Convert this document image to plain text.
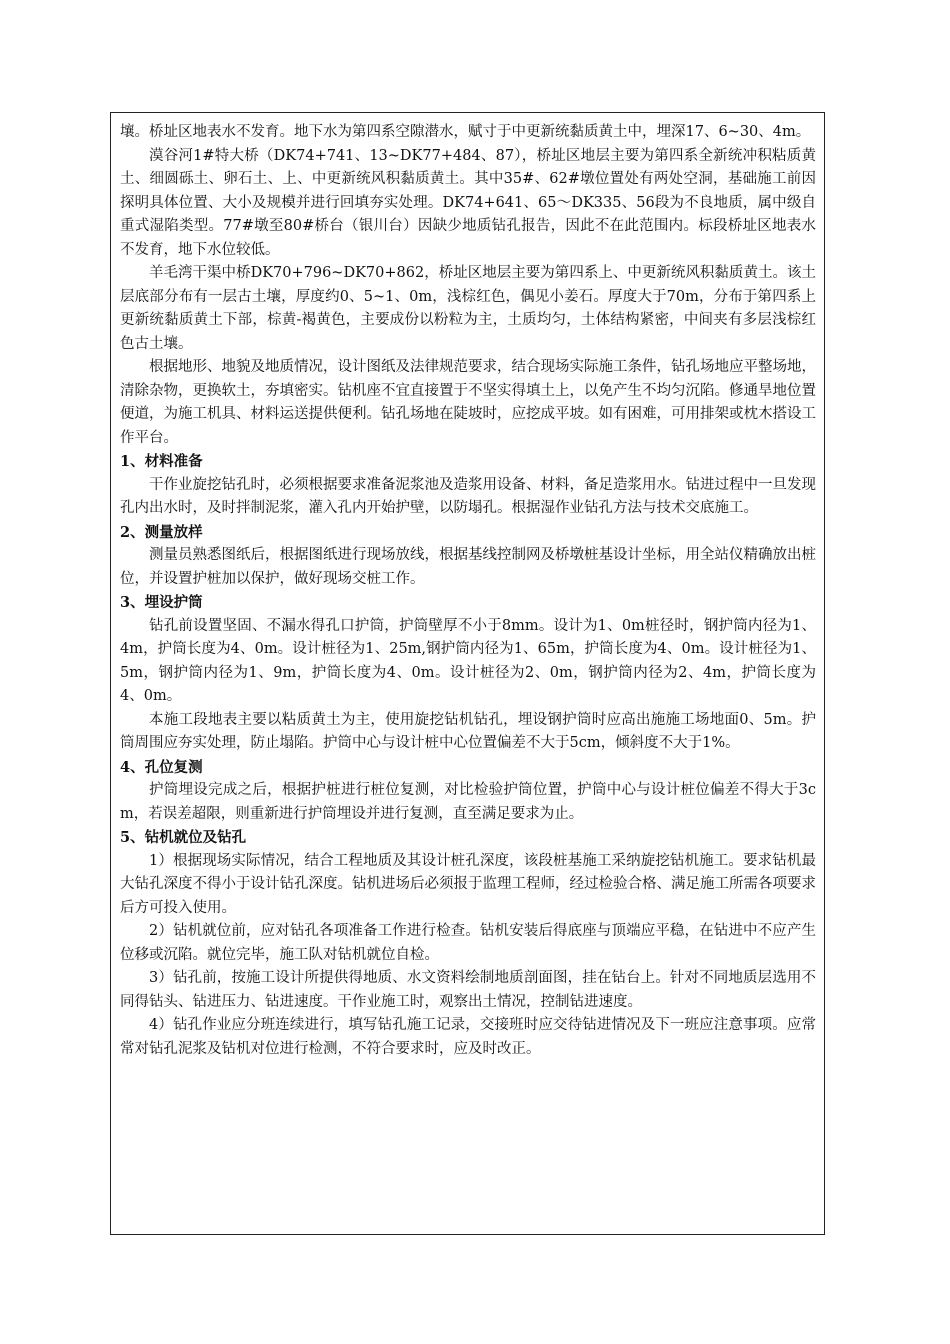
壤。桥址区地表水不发育。地下水为第四系空隙潜水，赋寸于中更新统黏质黄土中，埋深17、6~30、4m。

漠谷河1#特大桥（DK74+741、13~DK77+484、87），桥址区地层主要为第四系全新统冲积粘质黄土、细圆砾土、卵石土、上、中更新统风积黏质黄土。其中35#、62#墩位置处有两处空洞，基础施工前因探明具体位置、大小及规模并进行回填夯实处理。DK74+641、65～DK335、56段为不良地质，属中级自重式湿陷类型。77#墩至80#桥台（银川台）因缺少地质钻孔报告，因此不在此范围内。标段桥址区地表水不发育，地下水位较低。

羊毛湾干渠中桥DK70+796~DK70+862，桥址区地层主要为第四系上、中更新统风积黏质黄土。该土层底部分布有一层古土壤，厚度约0、5~1、0m，浅棕红色，偶见小姜石。厚度大于70m，分布于第四系上更新统黏质黄土下部，棕黄-褐黄色，主要成份以粉粒为主，土质均匀，土体结构紧密，中间夹有多层浅棕红色古土壤。

根据地形、地貌及地质情况，设计图纸及法律规范要求，结合现场实际施工条件，钻孔场地应平整场地，清除杂物，更换软土，夯填密实。钻机座不宜直接置于不坚实得填土上，以免产生不均匀沉陷。修通旱地位置便道，为施工机具、材料运送提供便利。钻孔场地在陡坡时，应挖成平坡。如有困难，可用排架或枕木搭设工作平台。

1、材料准备

干作业旋挖钻孔时，必须根据要求准备泥浆池及造浆用设备、材料，备足造浆用水。钻进过程中一旦发现孔内出水时，及时拌制泥浆，灌入孔内开始护壁，以防塌孔。根据湿作业钻孔方法与技术交底施工。

2、测量放样

测量员熟悉图纸后，根据图纸进行现场放线，根据基线控制网及桥墩桩基设计坐标，用全站仪精确放出桩位，并设置护桩加以保护，做好现场交桩工作。

3、埋设护筒

钻孔前设置坚固、不漏水得孔口护筒，护筒壁厚不小于8mm。设计为1、0m桩径时，钢护筒内径为1、4m，护筒长度为4、0m。设计桩径为1、25m,钢护筒内径为1、65m，护筒长度为4、0m。设计桩径为1、5m，钢护筒内径为1、9m，护筒长度为4、0m。设计桩径为2、0m，钢护筒内径为2、4m，护筒长度为4、0m。

本施工段地表主要以粘质黄土为主，使用旋挖钻机钻孔，埋设钢护筒时应高出施施工场地面0、5m。护筒周围应夯实处理，防止塌陷。护筒中心与设计桩中心位置偏差不大于5cm，倾斜度不大于1%。

4、孔位复测

护筒埋设完成之后，根据护桩进行桩位复测，对比检验护筒位置，护筒中心与设计桩位偏差不得大于3cm，若误差超限，则重新进行护筒埋设并进行复测，直至满足要求为止。

5、钻机就位及钻孔

1）根据现场实际情况，结合工程地质及其设计桩孔深度，该段桩基施工采纳旋挖钻机施工。要求钻机最大钻孔深度不得小于设计钻孔深度。钻机进场后必须报于监理工程师，经过检验合格、满足施工所需各项要求后方可投入使用。

2）钻机就位前，应对钻孔各项准备工作进行检查。钻机安装后得底座与顶端应平稳，在钻进中不应产生位移或沉陷。就位完毕，施工队对钻机就位自检。

3）钻孔前，按施工设计所提供得地质、水文资料绘制地质剖面图，挂在钻台上。针对不同地质层选用不同得钻头、钻进压力、钻进速度。干作业施工时，观察出土情况，控制钻进速度。

4）钻孔作业应分班连续进行，填写钻孔施工记录，交接班时应交待钻进情况及下一班应注意事项。应常常对钻孔泥浆及钻机对位进行检测，不符合要求时，应及时改正。
